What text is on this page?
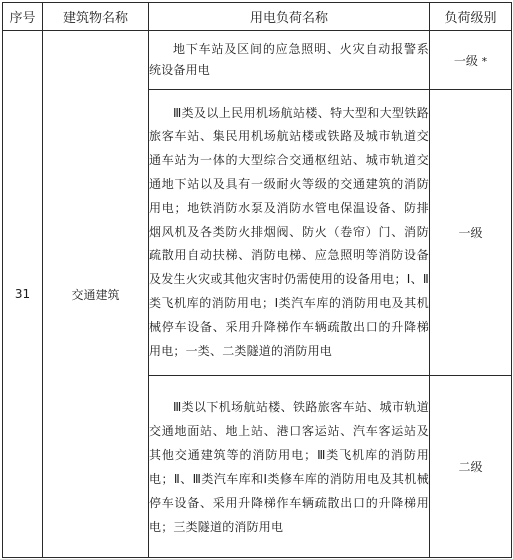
序号	建筑物名称	用电负荷名称	负荷级别
31	交通建筑	地下车站及区间的应急照明、火灾自动报警系统设备用电	一级 *

		Ⅲ类及以上民用机场航站楼、特大型和大型铁路旅客车站、集民用机场航站楼或铁路及城市轨道交通车站为一体的大型综合交通枢纽站、城市轨道交通地下站以及具有一级耐火等级的交通建筑的消防用电；地铁消防水泵及消防水管电保温设备、防排烟风机及各类防火排烟阀、防火（卷帘）门、消防疏散用自动扶梯、消防电梯、应急照明等消防设备及发生火灾或其他灾害时仍需使用的设备用电；Ⅰ、Ⅱ类飞机库的消防用电；Ⅰ类汽车库的消防用电及其机械停车设备、采用升降梯作车辆疏散出口的升降梯用电；一类、二类隧道的消防用电	一级

		Ⅲ类以下机场航站楼、铁路旅客车站、城市轨道交通地面站、地上站、港口客运站、汽车客运站及其他交通建筑等的消防用电；Ⅲ类飞机库的消防用电；Ⅱ、Ⅲ类汽车库和Ⅰ类修车库的消防用电及其机械停车设备、采用升降梯作车辆疏散出口的升降梯用电；三类隧道的消防用电	二级
